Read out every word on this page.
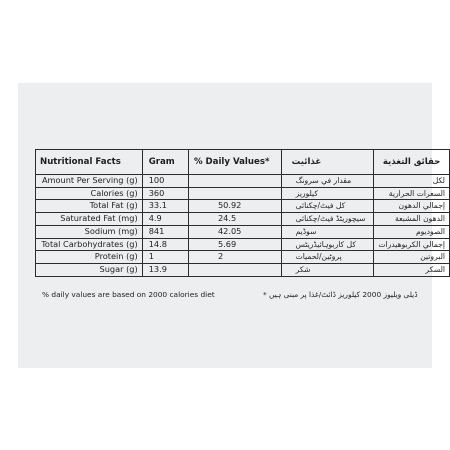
Nutritional Facts	Gram	% Daily Values*	غذائيت	حقائق التغذية
Amount Per Serving (g)	100		مقدار في سرونگ	لكل
Calories (g)	360		كيلوريز	السعرات الحرارية
Total Fat (g)	33.1	50.92	كل فيٹ/چکنائی	إجمالي الدهون
Saturated Fat (mg)	4.9	24.5	سيچوريٹڈ فيٹ/چکنائی	الدهون المشبعة
Sodium (mg)	841	42.05	سوڈیم	الصوديوم
Total Carbohydrates (g)	14.8	5.69	كل كاربوہائیڈریٹس	إجمالي الكربوهيدرات
Protein (g)	1	2	پروٹین/لحميات	البروتين
Sugar (g)	13.9		شكر	السكر
% daily values are based on 2000 calories diet	* ڈیلی ویلیوز 2000 کیلوریز ڈائٹ/غذا پر مبنی ہیں
